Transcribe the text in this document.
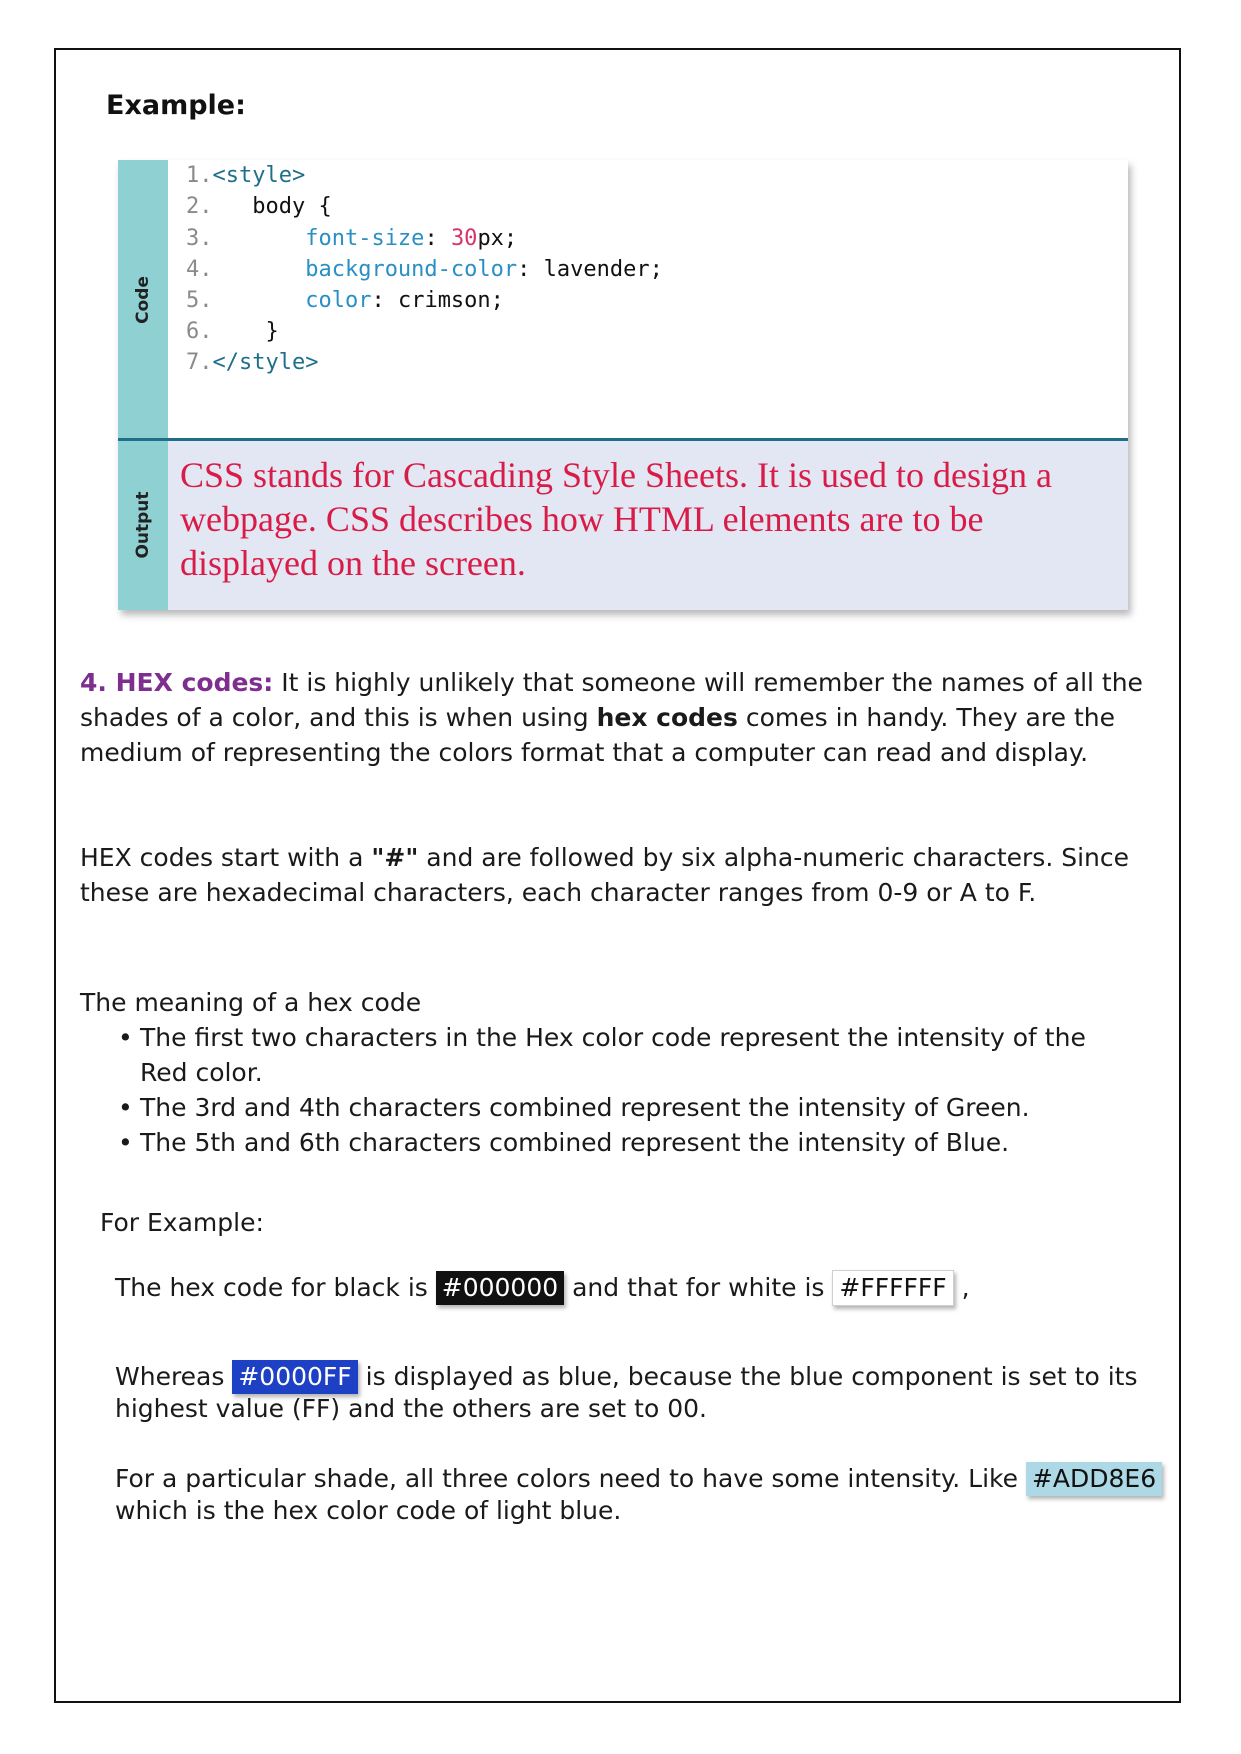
Example:
Code
1.<style>
2. body {
3.	font-size: 30px;
4.	background-color: lavender;
5.	color: crimson;
6. }
7.</style>
Output
CSS stands for Cascading Style Sheets. It is used to design a webpage. CSS describes how HTML elements are to be displayed on the screen.
4. HEX codes: It is highly unlikely that someone will remember the names of all the shades of a color, and this is when using hex codes comes in handy. They are the medium of representing the colors format that a computer can read and display.
HEX codes start with a "#" and are followed by six alpha-numeric characters. Since these are hexadecimal characters, each character ranges from 0-9 or A to F.
The meaning of a hex code
• The first two characters in the Hex color code represent the intensity of the Red color.
• The 3rd and 4th characters combined represent the intensity of Green.
• The 5th and 6th characters combined represent the intensity of Blue.
For Example:
The hex code for black is #000000 and that for white is #FFFFFF ,
Whereas #0000FF is displayed as blue, because the blue component is set to its highest value (FF) and the others are set to 00.
For a particular shade, all three colors need to have some intensity. Like #ADD8E6 which is the hex color code of light blue.
